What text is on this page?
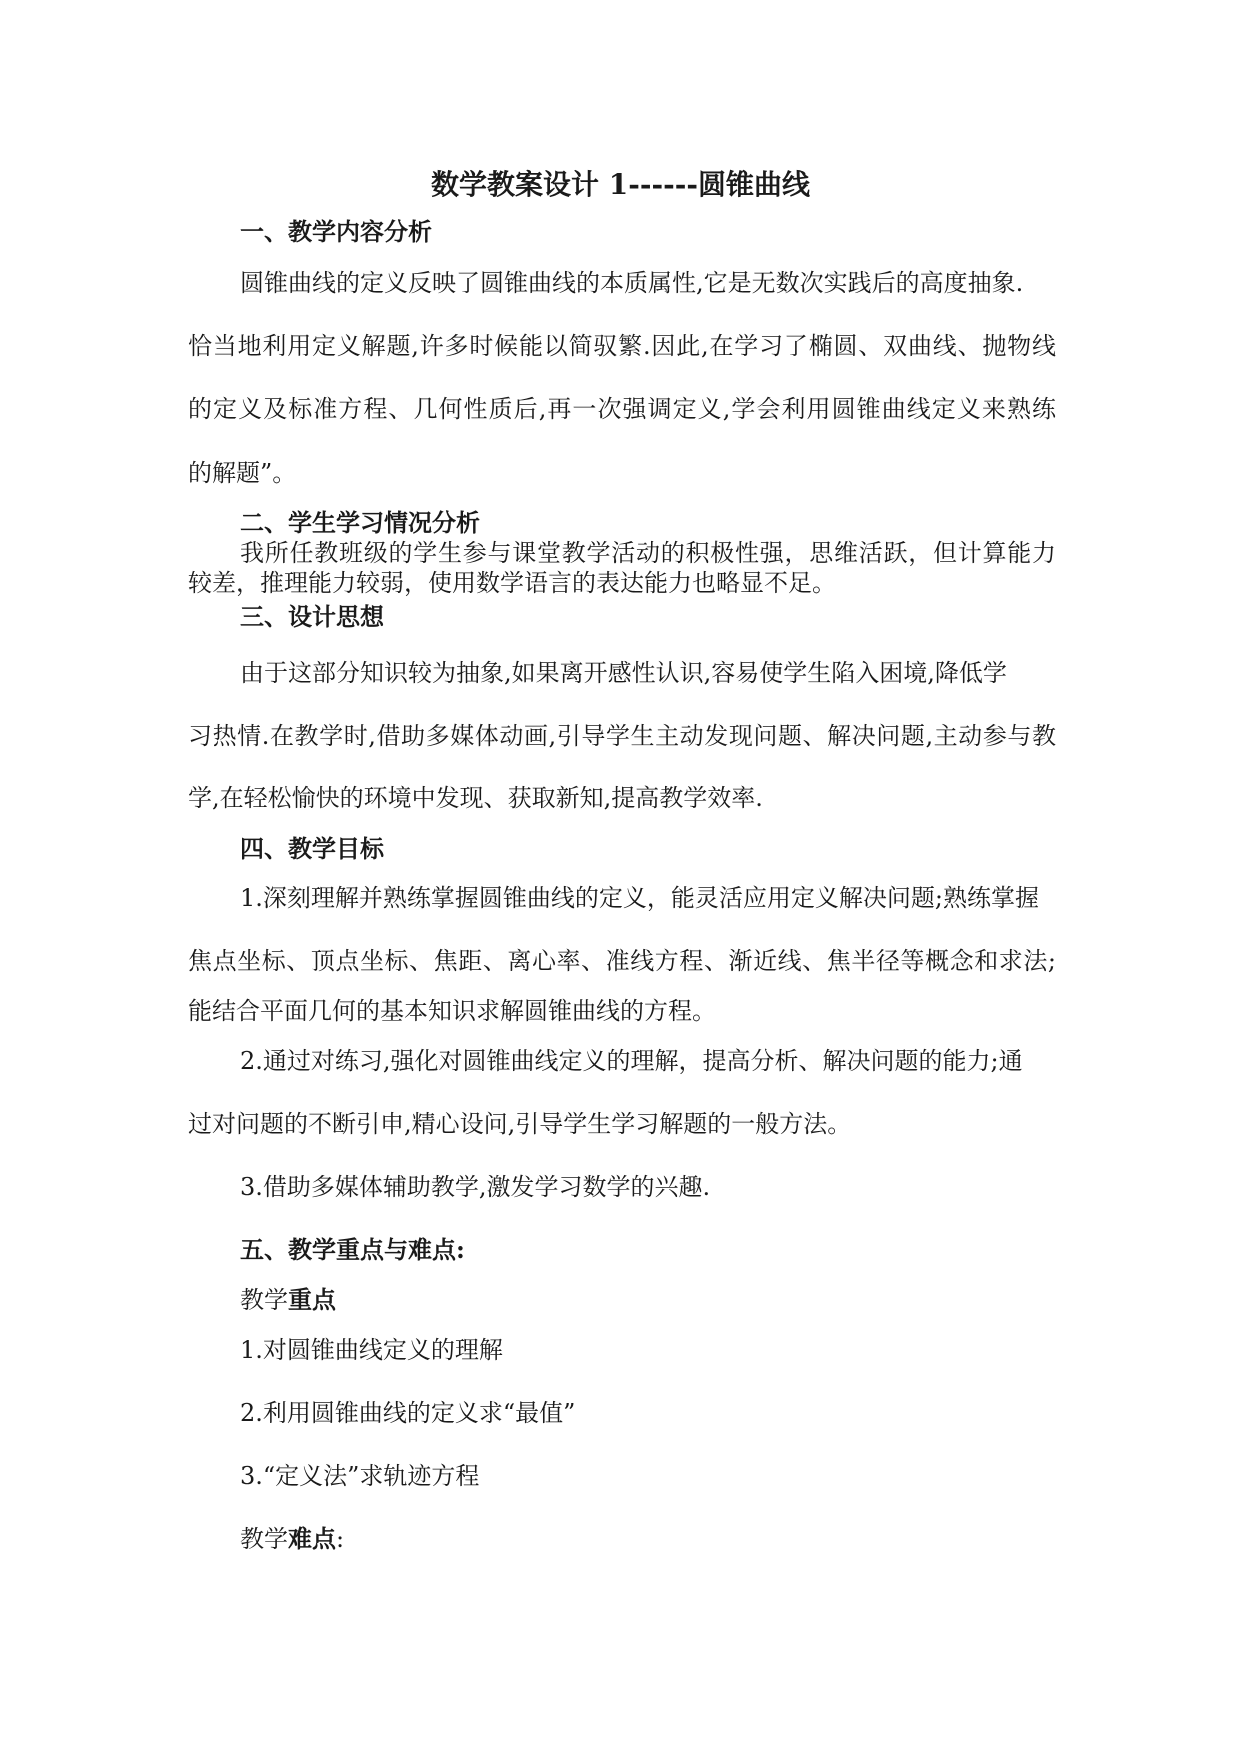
数学教案设计 1------圆锥曲线
一、教学内容分析
圆锥曲线的定义反映了圆锥曲线的本质属性,它是无数次实践后的高度抽象.
恰当地利用定义解题,许多时候能以简驭繁.因此,在学习了椭圆、双曲线、抛物线
的定义及标准方程、几何性质后,再一次强调定义,学会利用圆锥曲线定义来熟练
的解题”。
二、学生学习情况分析
我所任教班级的学生参与课堂教学活动的积极性强，思维活跃，但计算能力
较差，推理能力较弱，使用数学语言的表达能力也略显不足。
三、设计思想
由于这部分知识较为抽象,如果离开感性认识,容易使学生陷入困境,降低学
习热情.在教学时,借助多媒体动画,引导学生主动发现问题、解决问题,主动参与教
学,在轻松愉快的环境中发现、获取新知,提高教学效率.
四、教学目标
1.深刻理解并熟练掌握圆锥曲线的定义，能灵活应用定义解决问题;熟练掌握
焦点坐标、顶点坐标、焦距、离心率、准线方程、渐近线、焦半径等概念和求法;
能结合平面几何的基本知识求解圆锥曲线的方程。
2.通过对练习,强化对圆锥曲线定义的理解，提高分析、解决问题的能力;通
过对问题的不断引申,精心设问,引导学生学习解题的一般方法。
3.借助多媒体辅助教学,激发学习数学的兴趣.
五、教学重点与难点:
教学重点
1.对圆锥曲线定义的理解
2.利用圆锥曲线的定义求“最值”
3.“定义法”求轨迹方程
教学难点:
